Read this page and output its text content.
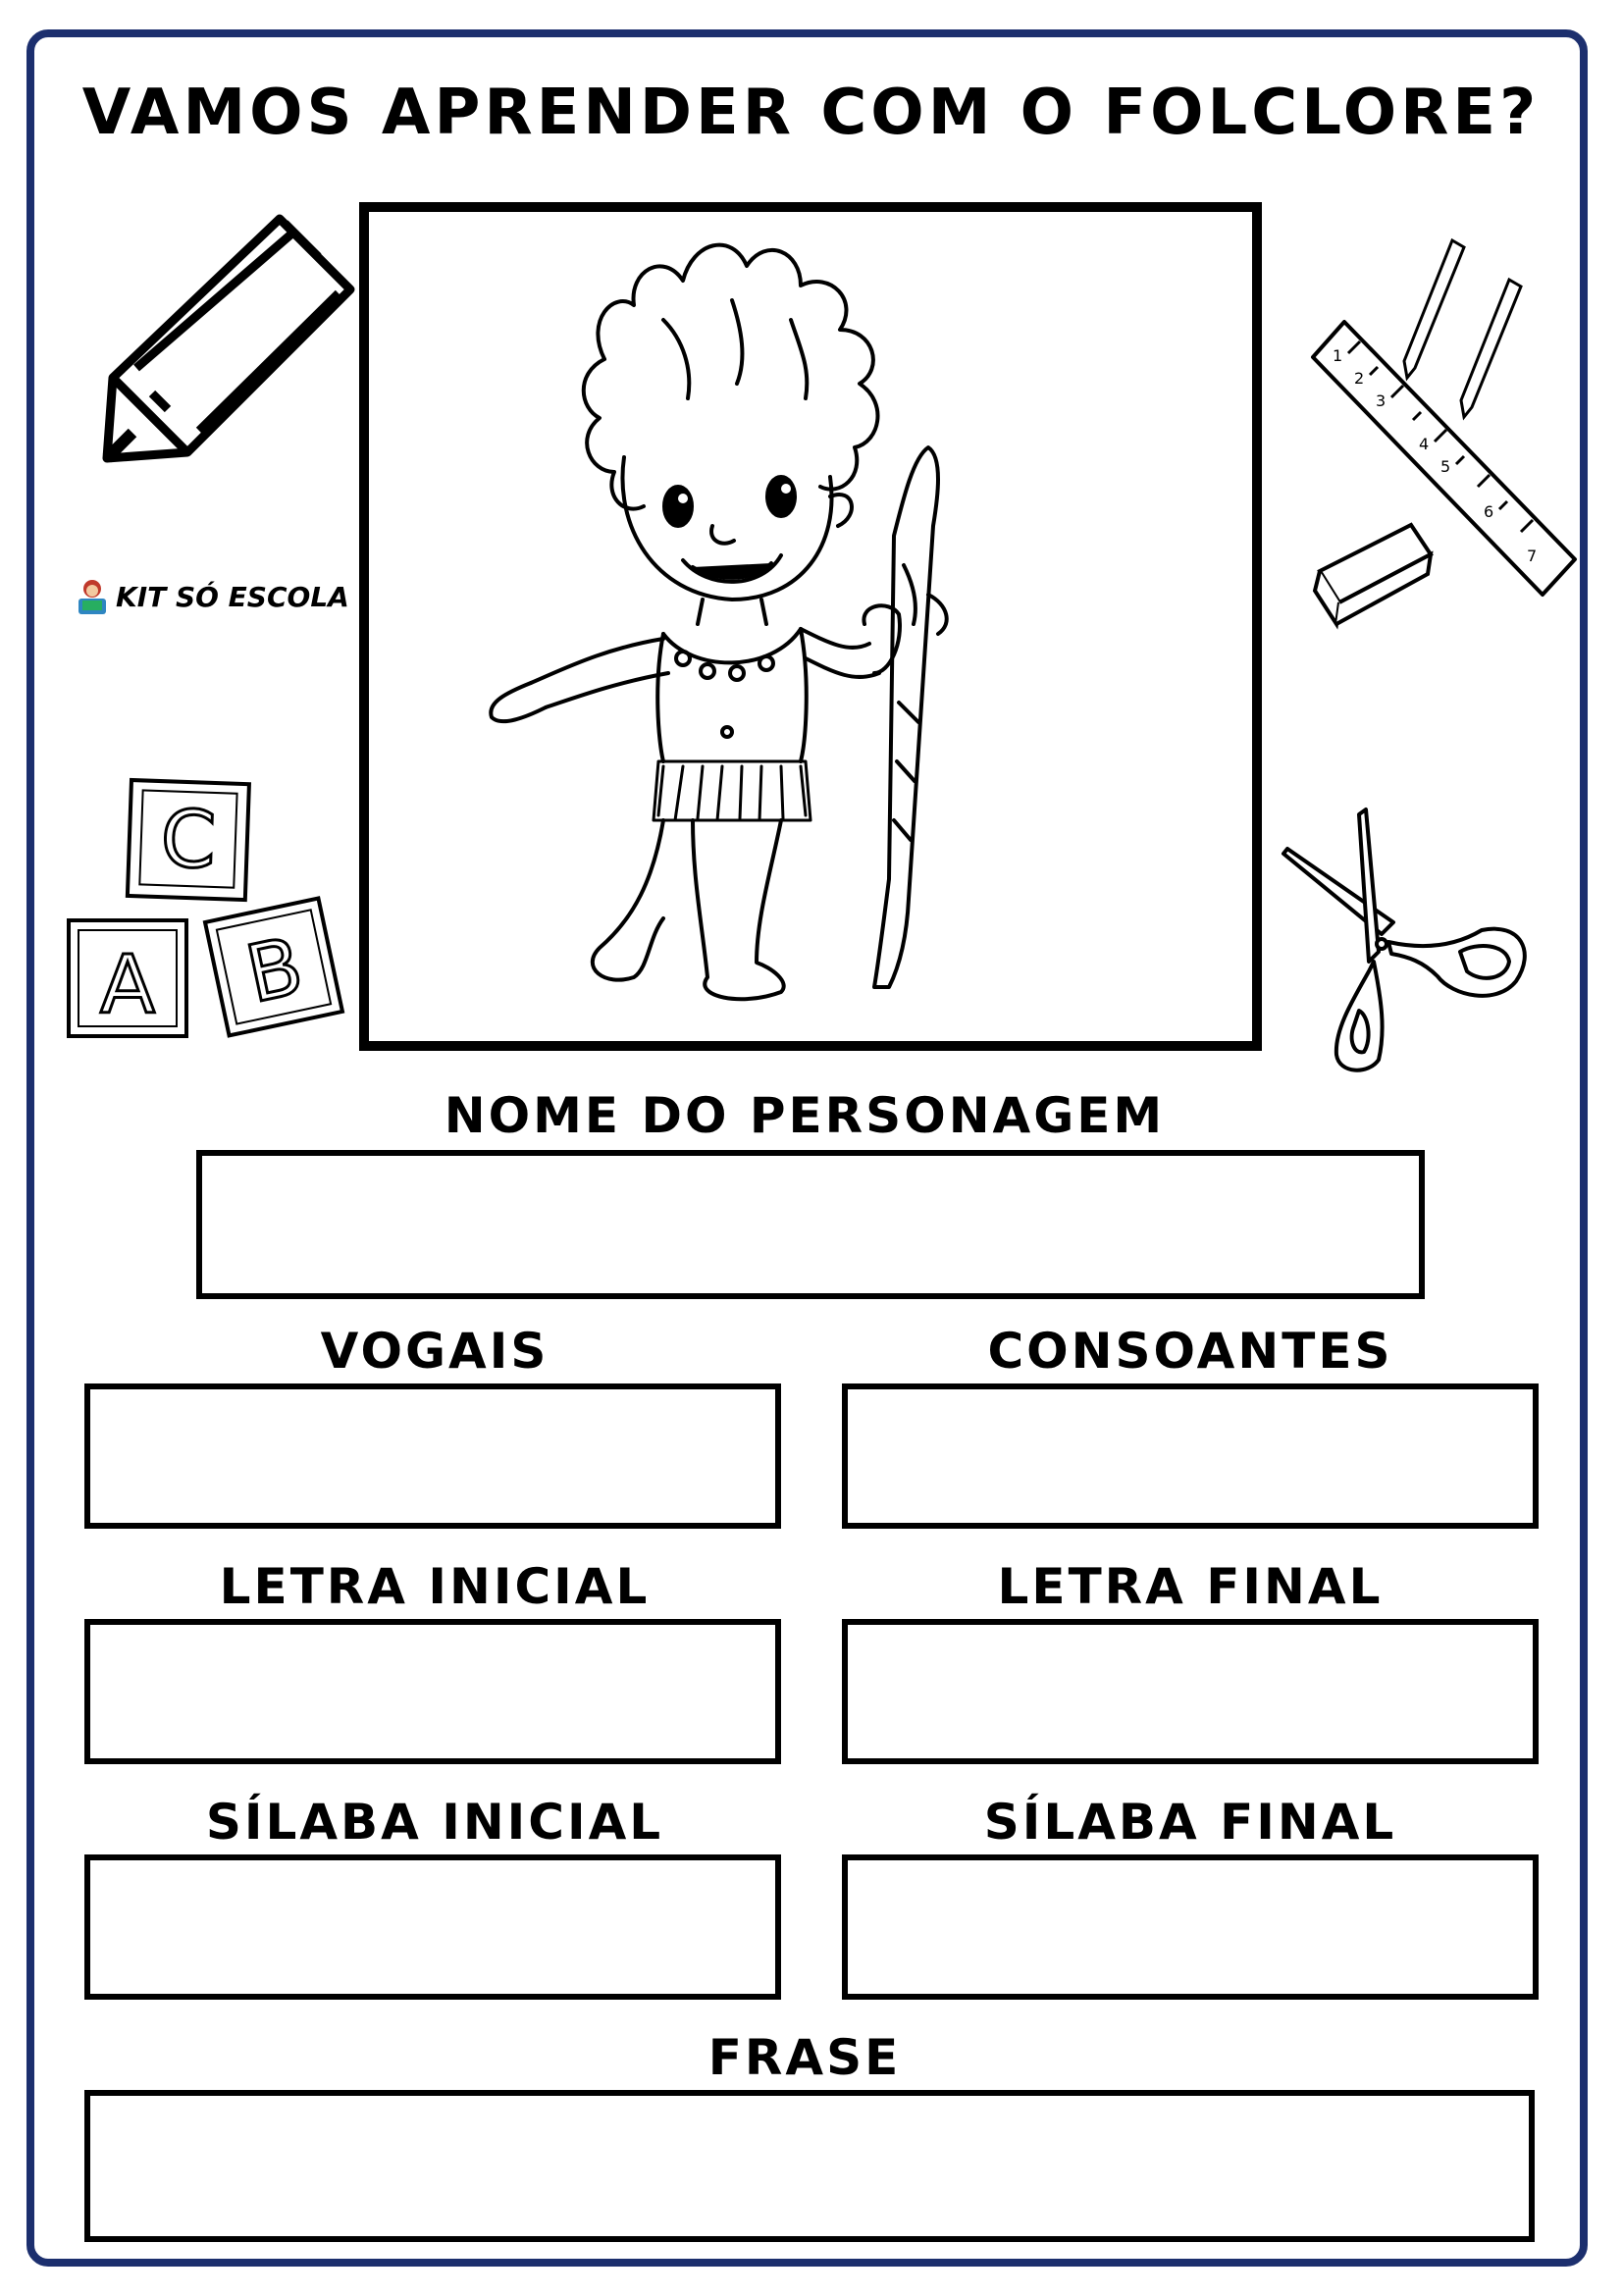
VAMOS APRENDER COM O FOLCLORE?
KIT SÓ ESCOLA
C
A B
1
2
3
4
5
6
7
NOME DO PERSONAGEM
VOGAIS	CONSOANTES
LETRA INICIAL	LETRA FINAL
SÍLABA INICIAL	SÍLABA FINAL
FRASE
